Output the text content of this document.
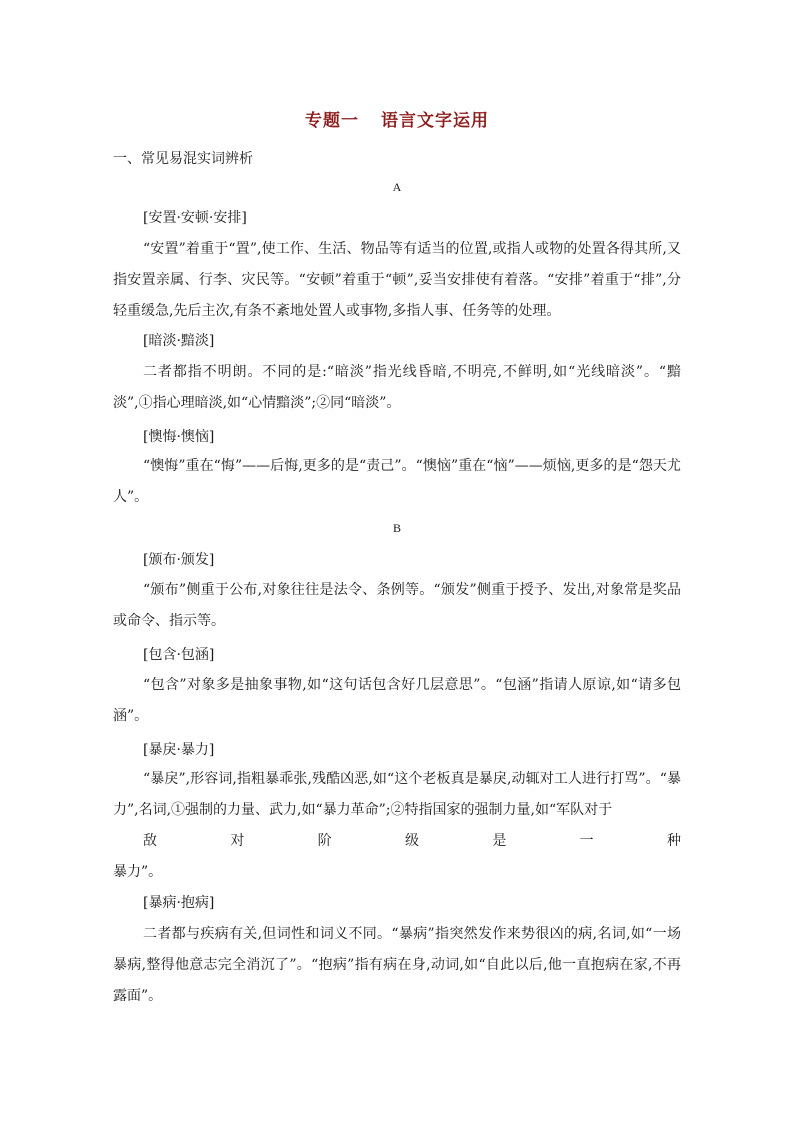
专题一 语言文字运用
一、常见易混实词辨析
A
[安置·安顿·安排]

“安置”着重于“置”,使工作、生活、物品等有适当的位置,或指人或物的处置各得其所,又指安置亲属、行李、灾民等。“安顿”着重于“顿”,妥当安排使有着落。“安排”着重于“排”,分轻重缓急,先后主次,有条不紊地处置人或事物,多指人事、任务等的处理。

[暗淡·黯淡]

二者都指不明朗。不同的是:“暗淡”指光线昏暗,不明亮,不鲜明,如“光线暗淡”。“黯淡”,①指心理暗淡,如“心情黯淡”;②同“暗淡”。

[懊悔·懊恼]

“懊悔”重在“悔”——后悔,更多的是“责己”。“懊恼”重在“恼”——烦恼,更多的是“怨天尤人”。

B
[颁布·颁发]

“颁布”侧重于公布,对象往往是法令、条例等。“颁发”侧重于授予、发出,对象常是奖品或命令、指示等。

[包含·包涵]

“包含”对象多是抽象事物,如“这句话包含好几层意思”。“包涵”指请人原谅,如“请多包涵”。

[暴戾·暴力]

“暴戾”,形容词,指粗暴乖张,残酷凶恶,如“这个老板真是暴戾,动辄对工人进行打骂”。“暴力”,名词,①强制的力量、武力,如“暴力革命”;②特指国家的强制力量,如“军队对于

敌	对	阶	级	是	一	种

暴力”。

[暴病·抱病]

二者都与疾病有关,但词性和词义不同。“暴病”指突然发作来势很凶的病,名词,如“一场暴病,整得他意志完全消沉了”。“抱病”指有病在身,动词,如“自此以后,他一直抱病在家,不再露面”。
